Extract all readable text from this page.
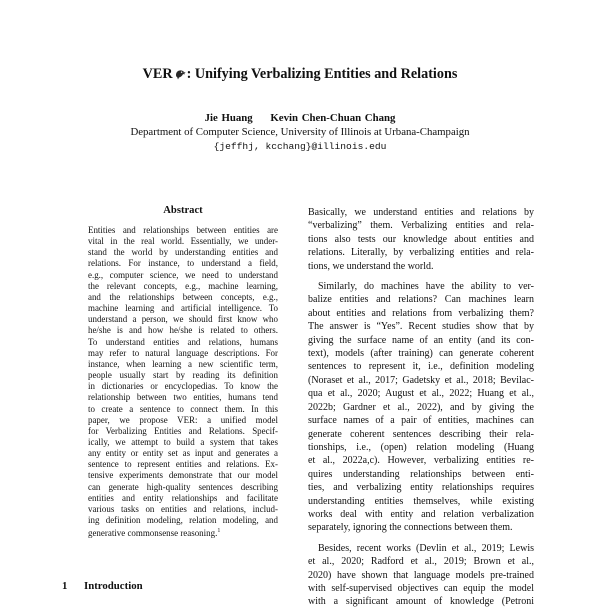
VER : Unifying Verbalizing Entities and Relations
Jie Huang Kevin Chen-Chuan Chang
Department of Computer Science, University of Illinois at Urbana-Champaign
{jeffhj, kcchang}@illinois.edu
Abstract
Entities and relationships between entities are
vital in the real world. Essentially, we under-
stand the world by understanding entities and
relations. For instance, to understand a field,
e.g., computer science, we need to understand
the relevant concepts, e.g., machine learning,
and the relationships between concepts, e.g.,
machine learning and artificial intelligence. To
understand a person, we should first know who
he/she is and how he/she is related to others.
To understand entities and relations, humans
may refer to natural language descriptions. For
instance, when learning a new scientific term,
people usually start by reading its definition
in dictionaries or encyclopedias. To know the
relationship between two entities, humans tend
to create a sentence to connect them. In this
paper, we propose VER: a unified model
for Verbalizing Entities and Relations. Specif-
ically, we attempt to build a system that takes
any entity or entity set as input and generates a
sentence to represent entities and relations. Ex-
tensive experiments demonstrate that our model
can generate high-quality sentences describing
entities and entity relationships and facilitate
various tasks on entities and relations, includ-
ing definition modeling, relation modeling, and
generative commonsense reasoning.$^1$
1 Introduction

Basically, we understand entities and relations by
“verbalizing” them. Verbalizing entities and rela-
tions also tests our knowledge about entities and
relations. Literally, by verbalizing entities and rela-
tions, we understand the world.

Similarly, do machines have the ability to ver-
balize entities and relations? Can machines learn
about entities and relations from verbalizing them?
The answer is “Yes”. Recent studies show that by
giving the surface name of an entity (and its con-
text), models (after training) can generate coherent
sentences to represent it, i.e., definition modeling
(Noraset et al., 2017; Gadetsky et al., 2018; Bevilac-
qua et al., 2020; August et al., 2022; Huang et al.,
2022b; Gardner et al., 2022), and by giving the
surface names of a pair of entities, machines can
generate coherent sentences describing their rela-
tionships, i.e., (open) relation modeling (Huang
et al., 2022a,c). However, verbalizing entities re-
quires understanding relationships between enti-
ties, and verbalizing entity relationships requires
understanding entities themselves, while existing
works deal with entity and relation verbalization
separately, ignoring the connections between them.

Besides, recent works (Devlin et al., 2019; Lewis
et al., 2020; Radford et al., 2019; Brown et al.,
2020) have shown that language models pre-trained
with self-supervised objectives can equip the model
with a significant amount of knowledge (Petroni
